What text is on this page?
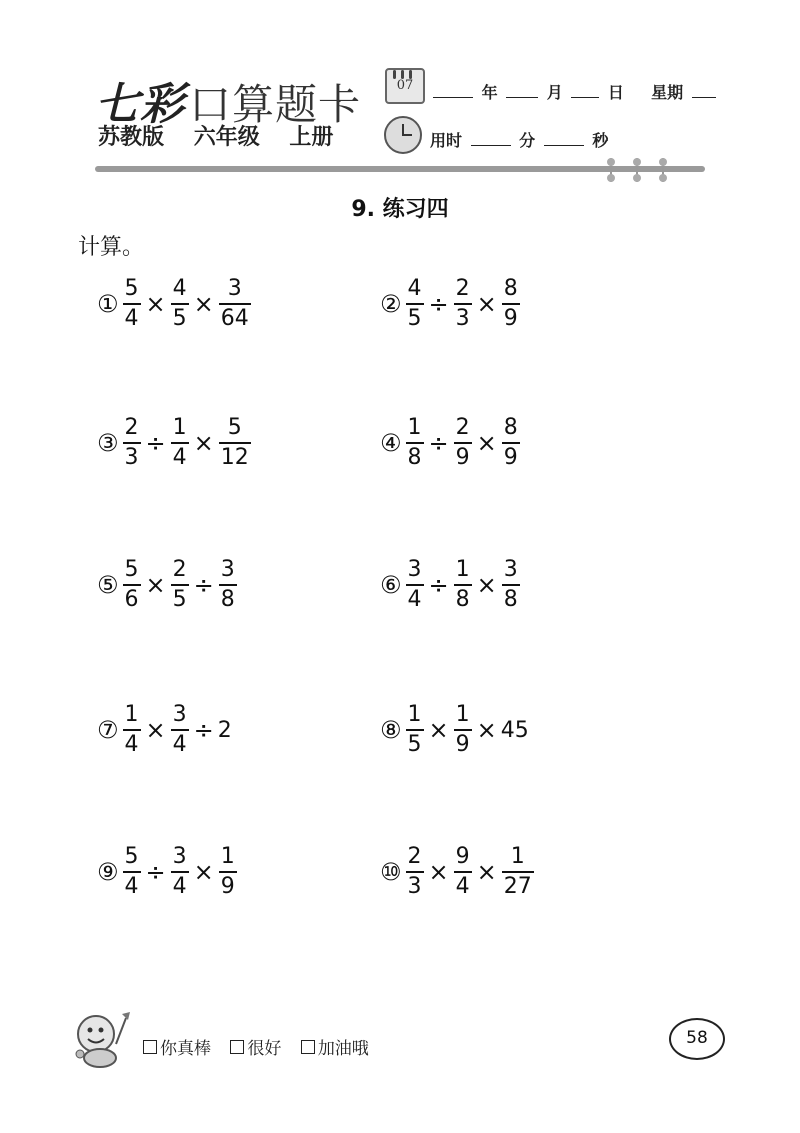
七彩口算题卡
苏教版 六年级 上册
07	年	月	日 星期
用时	分	秒
9. 练习四
计算。
① $\frac{5}{4} \times \frac{4}{5} \times \frac{3}{64}$	② $\frac{4}{5} \div \frac{2}{3} \times \frac{8}{9}$
③ $\frac{2}{3} \div \frac{1}{4} \times \frac{5}{12}$	④ $\frac{1}{8} \div \frac{2}{9} \times \frac{8}{9}$
⑤ $\frac{5}{6} \times \frac{2}{5} \div \frac{3}{8}$	⑥ $\frac{3}{4} \div \frac{1}{8} \times \frac{3}{8}$
⑦ $\frac{1}{4} \times \frac{3}{4} \div 2$	⑧ $\frac{1}{5} \times \frac{1}{9} \times 45$
⑨ $\frac{5}{4} \div \frac{3}{4} \times \frac{1}{9}$	⑩ $\frac{2}{3} \times \frac{9}{4} \times \frac{1}{27}$
你真棒
很好
加油哦
58
